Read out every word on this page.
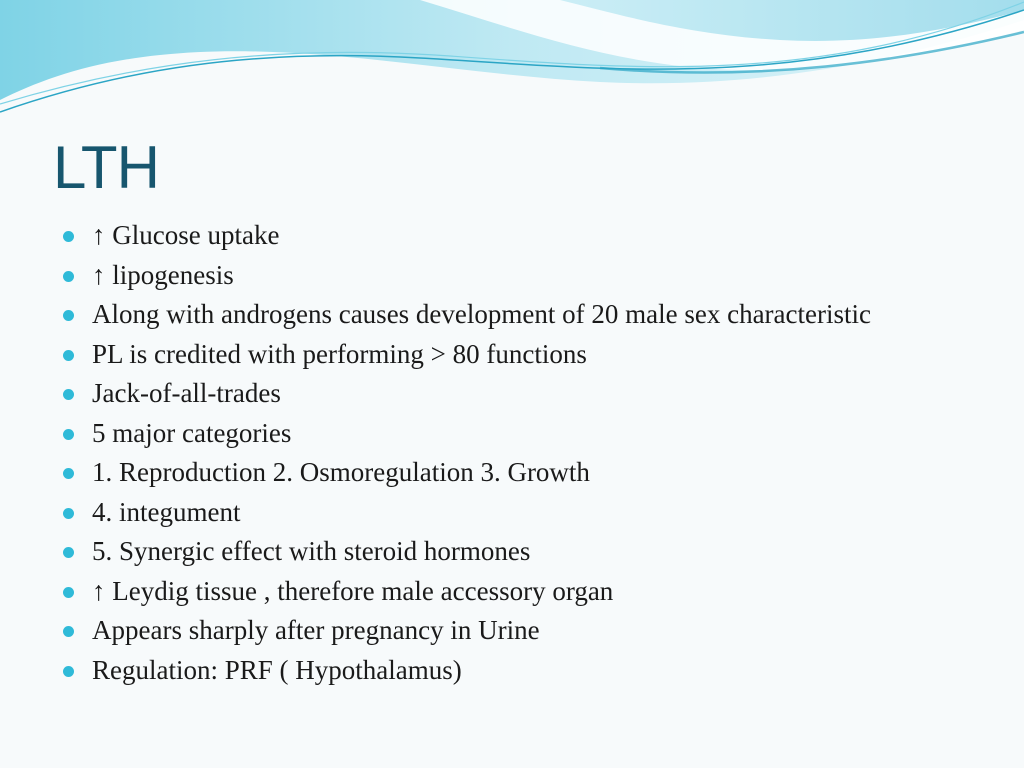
LTH
↑ Glucose uptake
↑ lipogenesis
Along with androgens causes development of 20 male sex characteristic
PL is credited with performing > 80 functions
Jack-of-all-trades
5 major categories
1. Reproduction 2. Osmoregulation 3. Growth
4. integument
5. Synergic effect with steroid hormones
↑ Leydig tissue , therefore male accessory organ
Appears sharply after pregnancy in Urine
Regulation: PRF ( Hypothalamus)
